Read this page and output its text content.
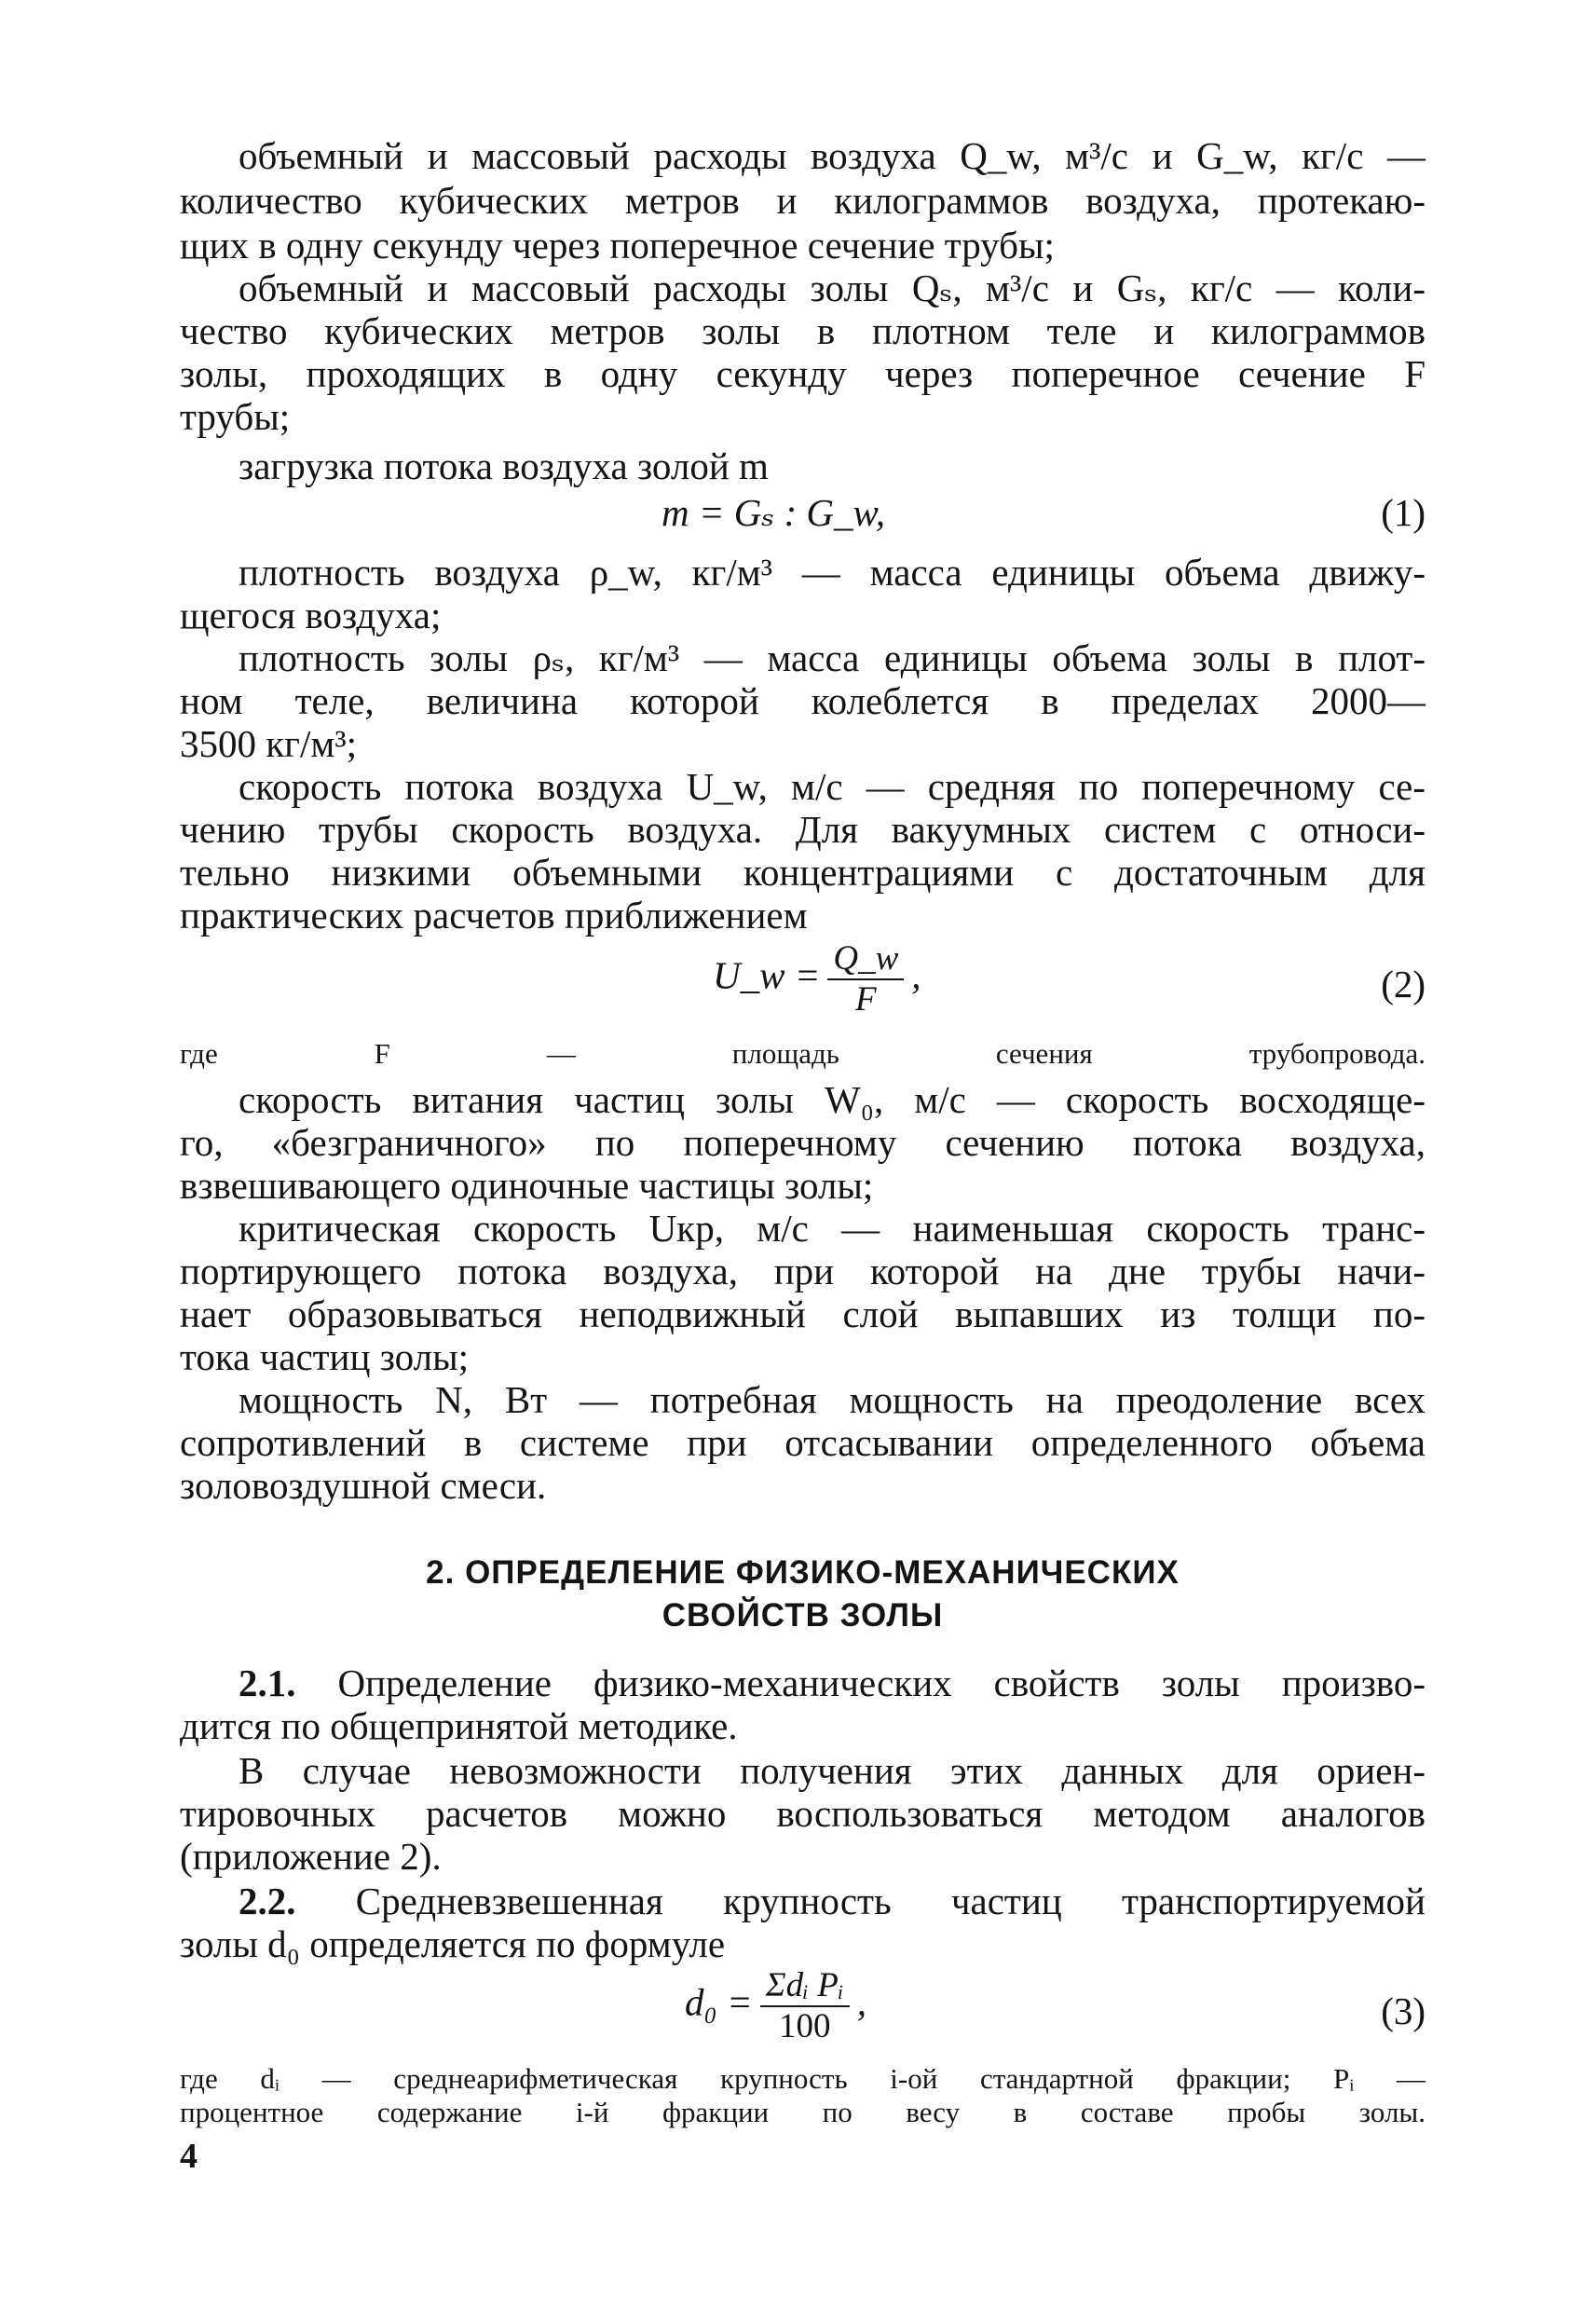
объемный и массовый расходы воздуха Q_w, м³/с и G_w, кг/с —
количество кубических метров и килограммов воздуха, протекаю-
щих в одну секунду через поперечное сечение трубы;
объемный и массовый расходы золы Qₛ, м³/с и Gₛ, кг/с — коли-
чество кубических метров золы в плотном теле и килограммов
золы, проходящих в одну секунду через поперечное сечение F
трубы;
загрузка потока воздуха золой m
m = Gₛ : G_w,	(1)
плотность воздуха ρ_w, кг/м³ — масса единицы объема движу-
щегося воздуха;
плотность золы ρₛ, кг/м³ — масса единицы объема золы в плот-
ном теле, величина которой колеблется в пределах 2000—
3500 кг/м³;
скорость потока воздуха U_w, м/с — средняя по поперечному се-
чению трубы скорость воздуха. Для вакуумных систем с относи-
тельно низкими объемными концентрациями с достаточным для
практических расчетов приближением
U_w = $\frac{Q\_w}{F}$ ,	(2)
где F — площадь сечения трубопровода.
скорость витания частиц золы W₀, м/с — скорость восходяще-
го, «безграничного» по поперечному сечению потока воздуха,
взвешивающего одиночные частицы золы;
критическая скорость Uкр, м/с — наименьшая скорость транс-
портирующего потока воздуха, при которой на дне трубы начи-
нает образовываться неподвижный слой выпавших из толщи по-
тока частиц золы;
мощность N, Вт — потребная мощность на преодоление всех
сопротивлений в системе при отсасывании определенного объема
золовоздушной смеси.
2. ОПРЕДЕЛЕНИЕ ФИЗИКО-МЕХАНИЧЕСКИХ
СВОЙСТВ ЗОЛЫ
2.1. Определение физико-механических свойств золы произво-
дится по общепринятой методике.
В случае невозможности получения этих данных для ориен-
тировочных расчетов можно воспользоваться методом аналогов
(приложение 2).
2.2. Средневзвешенная крупность частиц транспортируемой
золы d₀ определяется по формуле
$d_0 = \frac{\text{Σdᵢ Pᵢ}}{100}$ ,	(3)
где dᵢ — среднеарифметическая крупность i-ой стандартной фракции; Pᵢ —
процентное содержание i-й фракции по весу в составе пробы золы.
4
